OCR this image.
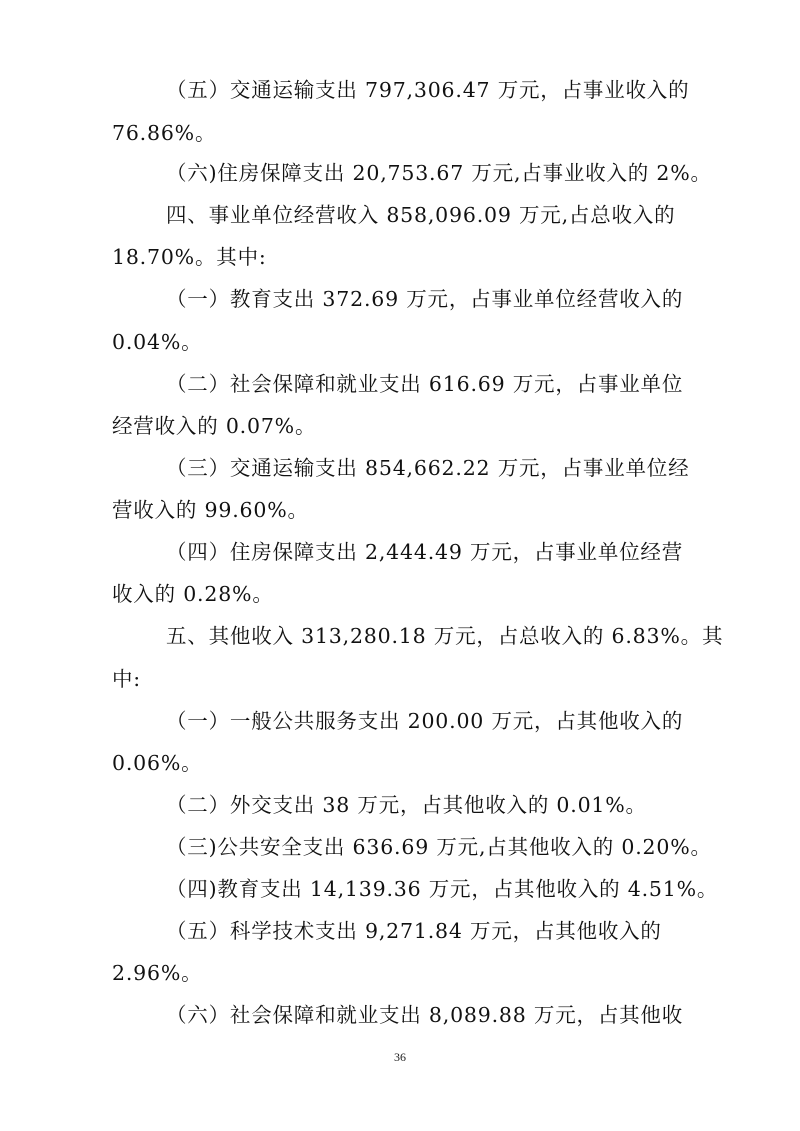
（五）交通运输支出 797,306.47 万元，占事业收入的
76.86%。
（六)住房保障支出 20,753.67 万元,占事业收入的 2%。
四、事业单位经营收入 858,096.09 万元,占总收入的
18.70%。其中:
（一）教育支出 372.69 万元，占事业单位经营收入的
0.04%。
（二）社会保障和就业支出 616.69 万元，占事业单位
经营收入的 0.07%。
（三）交通运输支出 854,662.22 万元，占事业单位经
营收入的 99.60%。
（四）住房保障支出 2,444.49 万元，占事业单位经营
收入的 0.28%。
五、其他收入 313,280.18 万元，占总收入的 6.83%。其
中:
（一）一般公共服务支出 200.00 万元，占其他收入的
0.06%。
（二）外交支出 38 万元，占其他收入的 0.01%。
（三)公共安全支出 636.69 万元,占其他收入的 0.20%。
（四)教育支出 14,139.36 万元，占其他收入的 4.51%。
（五）科学技术支出 9,271.84 万元，占其他收入的
2.96%。
（六）社会保障和就业支出 8,089.88 万元，占其他收
36
